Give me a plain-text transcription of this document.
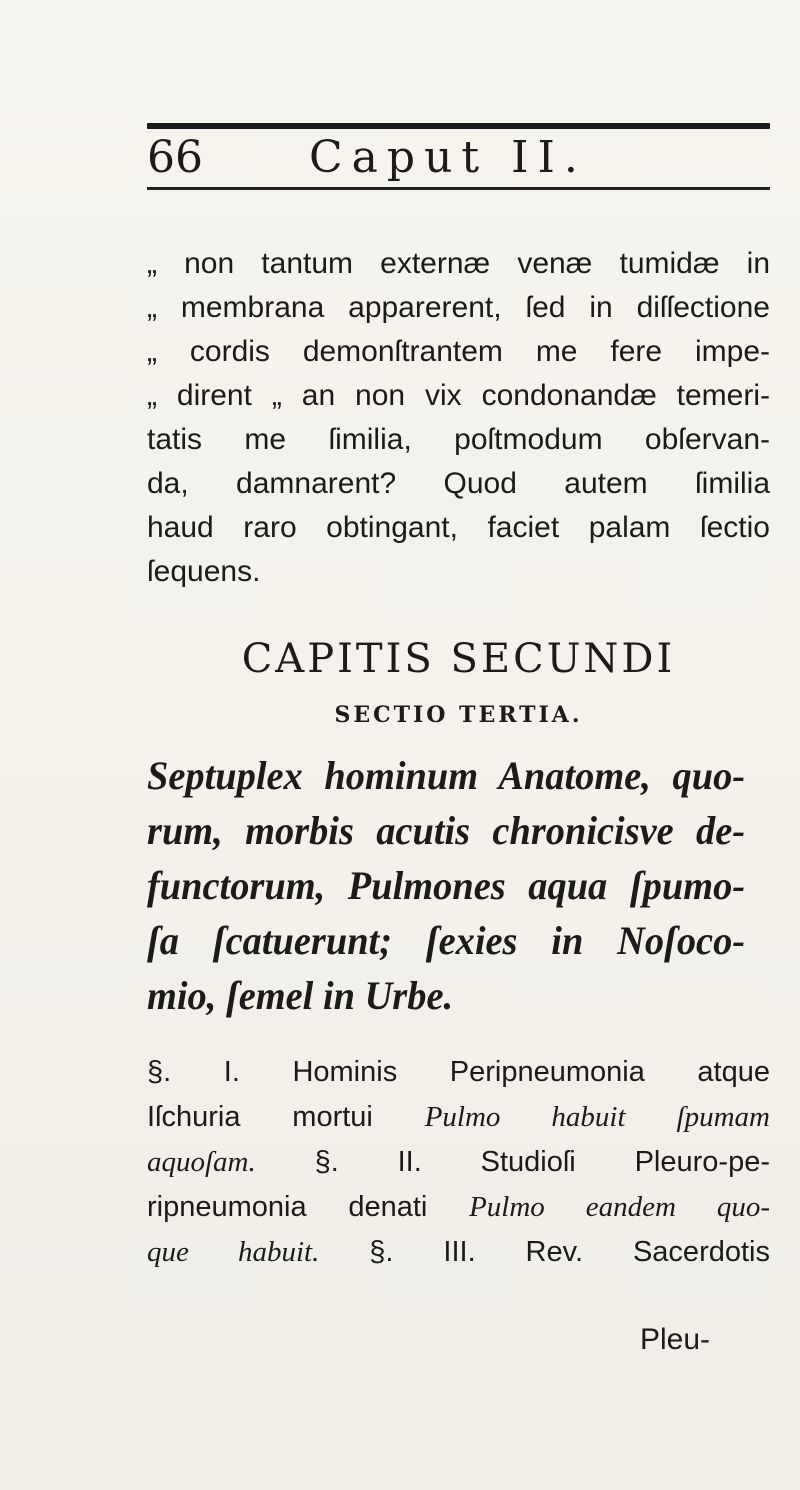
66 Caput II.
„ non tantum externæ venæ tumidæ in
„ membrana apparerent, ſed in diſſectione
„ cordis demonſtrantem me fere impe-
„ dirent „ an non vix condonandæ temeri-
tatis me ſimilia, poſtmodum obſervan-
da, damnarent? Quod autem ſimilia
haud raro obtingant, faciet palam ſectio
ſequens.
CAPITIS SECUNDI
SECTIO TERTIA.
Septuplex hominum Anatome, quo-
rum, morbis acutis chronicisve de-
functorum, Pulmones aqua ſpumo-
ſa ſcatuerunt; ſexies in Noſoco-
mio, ſemel in Urbe.
§. I. Hominis Peripneumonia atque
Iſchuria mortui Pulmo habuit ſpumam
aquoſam. §. II. Studioſi Pleuro-pe-
ripneumonia denati Pulmo eandem quo-
que habuit. §. III. Rev. Sacerdotis
Pleu-
